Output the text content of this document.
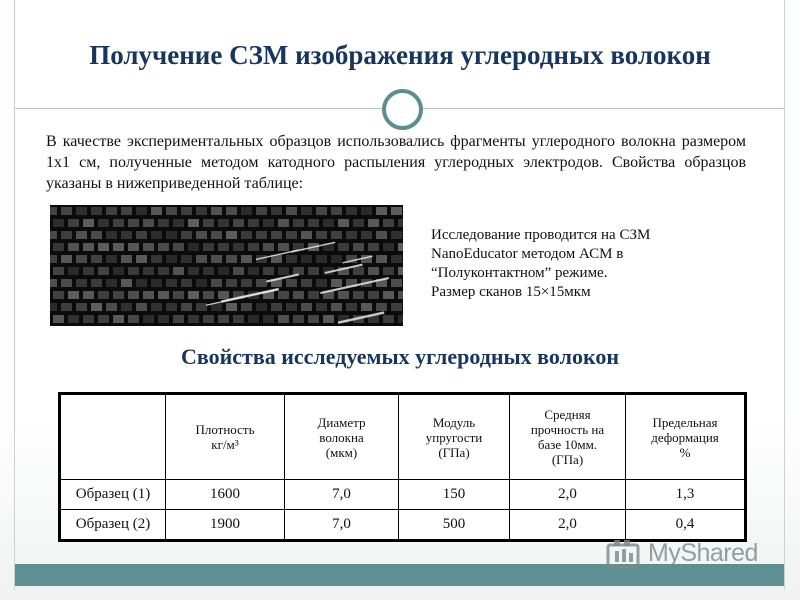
Получение СЗМ изображения углеродных волокон

В качестве экспериментальных образцов использовались фрагменты углеродного волокна размером 1х1 см, полученные методом катодного распыления углеродных электродов. Свойства образцов указаны в нижеприведенной таблице:

Исследование проводится на СЗМ
NanoEducator методом АСМ в
“Полуконтактном” режиме.
Размер сканов 15×15мкм
Свойства исследуемых углеродных волокон
	Плотность
кг/м³	Диаметр
волокна
(мкм)	Модуль
упругости
(ГПа)	Средняя
прочность на
базе 10мм.
(ГПа)	Предельная
деформация
%
Образец (1)	1600	7,0	150	2,0	1,3
Образец (2)	1900	7,0	500	2,0	0,4
MyShared
